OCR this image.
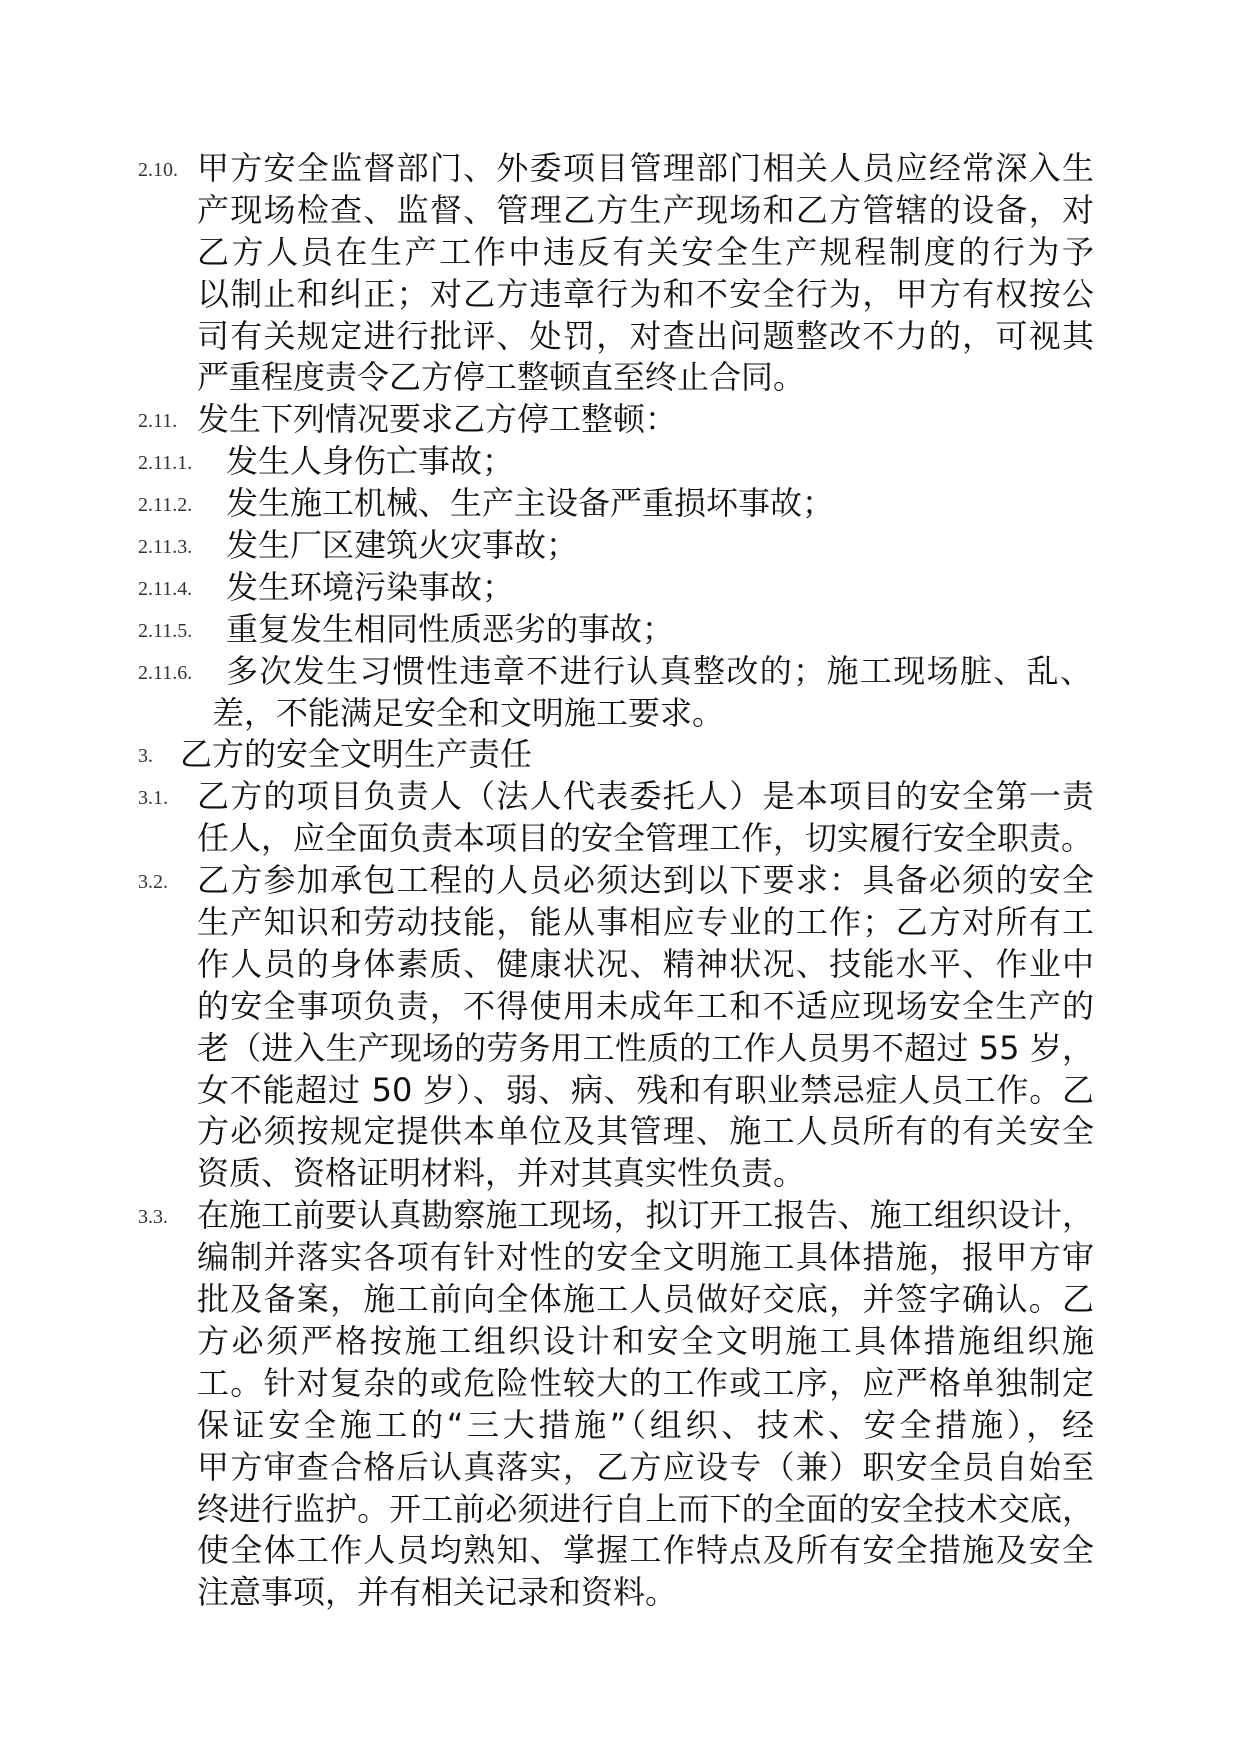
2.10. 甲方安全监督部门、外委项目管理部门相关人员应经常深入生
产现场检查、监督、管理乙方生产现场和乙方管辖的设备，对
乙方人员在生产工作中违反有关安全生产规程制度的行为予
以制止和纠正；对乙方违章行为和不安全行为，甲方有权按公
司有关规定进行批评、处罚，对查出问题整改不力的，可视其
严重程度责令乙方停工整顿直至终止合同。
2.11. 发生下列情况要求乙方停工整顿：
2.11.1. 发生人身伤亡事故；
2.11.2. 发生施工机械、生产主设备严重损坏事故；
2.11.3. 发生厂区建筑火灾事故；
2.11.4. 发生环境污染事故；
2.11.5. 重复发生相同性质恶劣的事故；
2.11.6. 多次发生习惯性违章不进行认真整改的；施工现场脏、乱、
差，不能满足安全和文明施工要求。
3. 乙方的安全文明生产责任
3.1. 乙方的项目负责人（法人代表委托人）是本项目的安全第一责
任人，应全面负责本项目的安全管理工作，切实履行安全职责。
3.2. 乙方参加承包工程的人员必须达到以下要求：具备必须的安全
生产知识和劳动技能，能从事相应专业的工作；乙方对所有工
作人员的身体素质、健康状况、精神状况、技能水平、作业中
的安全事项负责，不得使用未成年工和不适应现场安全生产的
老（进入生产现场的劳务用工性质的工作人员男不超过 55 岁，
女不能超过 50 岁）、弱、病、残和有职业禁忌症人员工作。乙
方必须按规定提供本单位及其管理、施工人员所有的有关安全
资质、资格证明材料，并对其真实性负责。
3.3. 在施工前要认真勘察施工现场，拟订开工报告、施工组织设计，
编制并落实各项有针对性的安全文明施工具体措施，报甲方审
批及备案，施工前向全体施工人员做好交底，并签字确认。乙
方必须严格按施工组织设计和安全文明施工具体措施组织施
工。针对复杂的或危险性较大的工作或工序，应严格单独制定
保证安全施工的“三大措施”（组织、技术、安全措施），经
甲方审查合格后认真落实，乙方应设专（兼）职安全员自始至
终进行监护。开工前必须进行自上而下的全面的安全技术交底，
使全体工作人员均熟知、掌握工作特点及所有安全措施及安全
注意事项，并有相关记录和资料。
